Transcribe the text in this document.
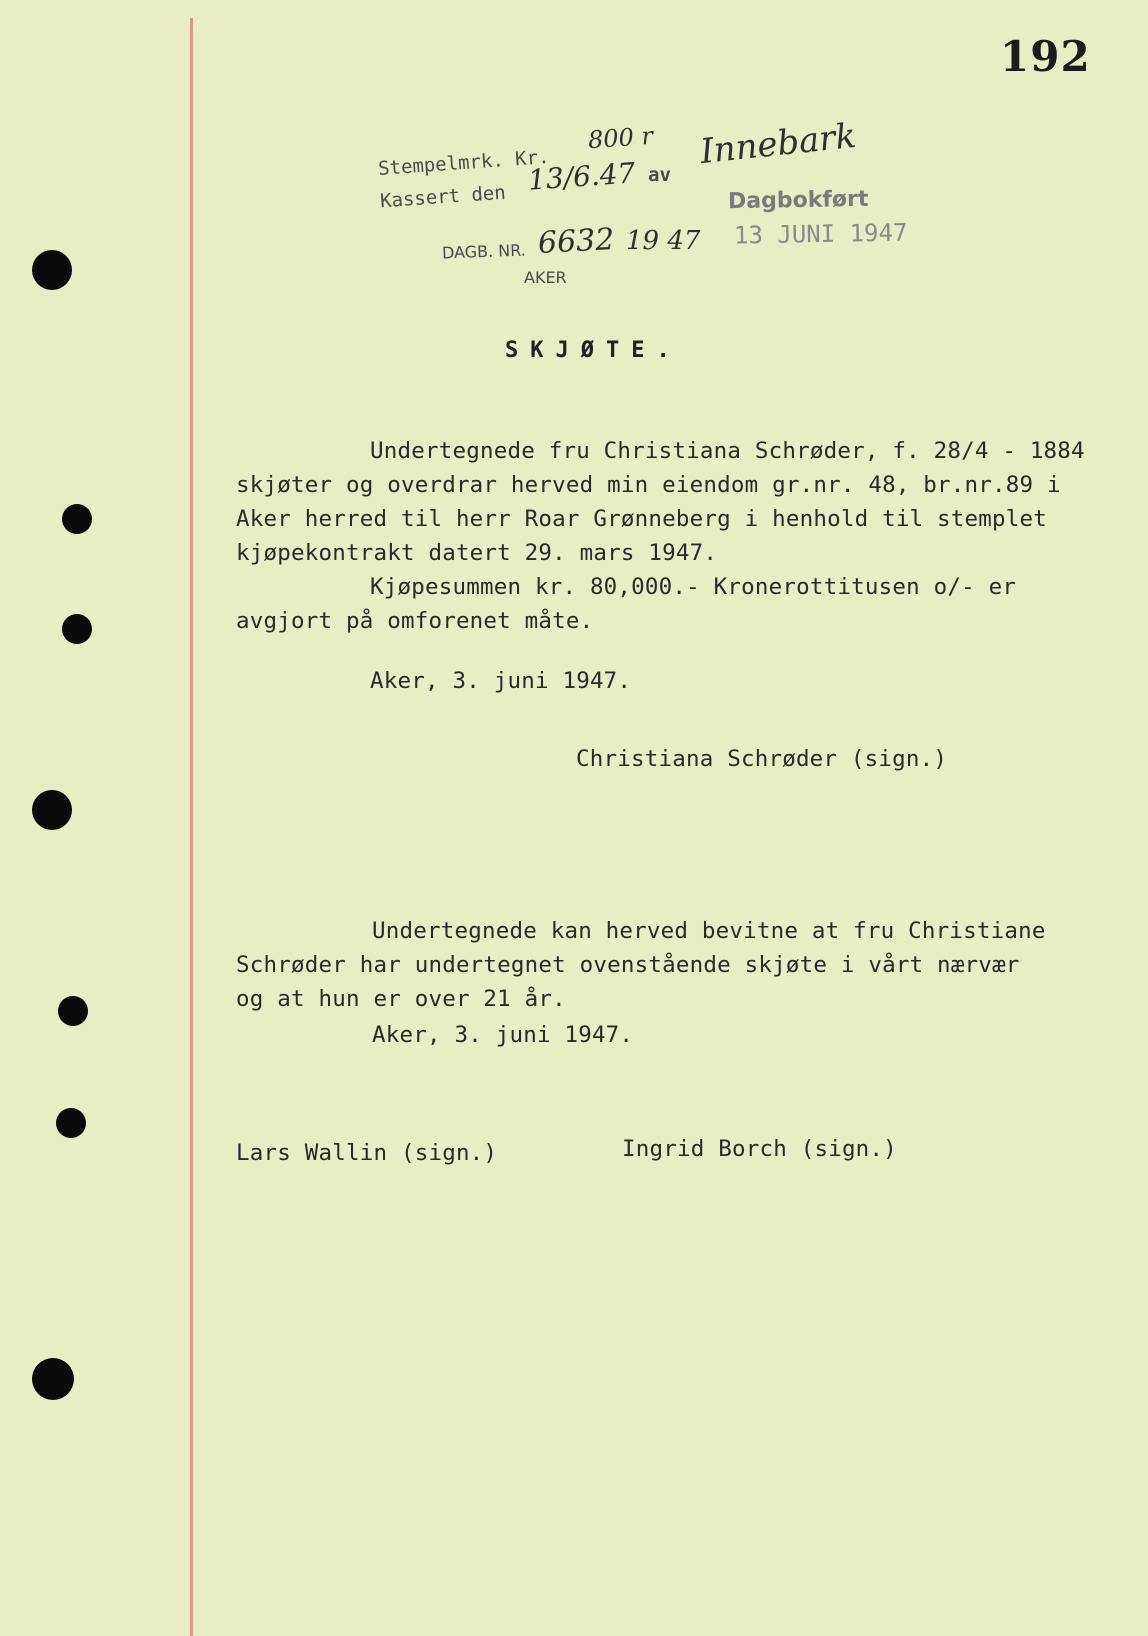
192
Stempelmrk. Kr.
800 r Innebark
Kassert den
13/6.47 av
Dagbokført
13 JUNI 1947
DAGB. NR. 6632 19 47
AKER
SKJØTE.
Undertegnede fru Christiana Schrøder, f. 28/4 - 1884
skjøter og overdrar herved min eiendom gr.nr. 48, br.nr.89 i
Aker herred til herr Roar Grønneberg i henhold til stemplet
kjøpekontrakt datert 29. mars 1947.
Kjøpesummen kr. 80,000.- Kronerottitusen o/- er
avgjort på omforenet måte.
Aker, 3. juni 1947.
Christiana Schrøder (sign.)
Undertegnede kan herved bevitne at fru Christiane
Schrøder har undertegnet ovenstående skjøte i vårt nærvær
og at hun er over 21 år.
Aker, 3. juni 1947.
Lars Wallin (sign.)	Ingrid Borch (sign.)
